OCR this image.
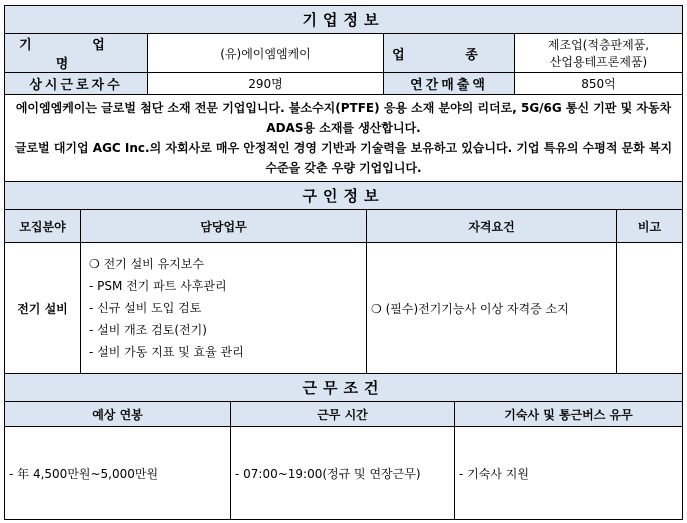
기업정보			
기 업 명	(유)에이엠엠케이	업 종	제조업(적층판제품,
산업용테프론제품)

상시근로자수	290명	연간매출액	850억

에이엠엠케이는 글로벌 첨단 소재 전문 기업입니다. 불소수지(PTFE) 응용 소재 분야의 리더로, 5G/6G 통신 기판 및 자동차 ADAS용 소재를 생산합니다.

글로벌 대기업 AGC Inc.의 자회사로 매우 안정적인 경영 기반과 기술력을 보유하고 있습니다. 기업 특유의 수평적 문화 복지 수준을 갖춘 우량 기업입니다.			

구인정보			
모집분야	담당업무	자격요건	비고
전기 설비	❍ 전기 설비 유지보수
- PSM 전기 파트 사후관리
- 신규 설비 도입 검토
- 설비 개조 검토(전기)
- 설비 가동 지표 및 효율 관리	❍ (필수)전기기능사 이상 자격증 소지	
근무조건		
예상 연봉	근무 시간	기숙사 및 통근버스 유무
- 年 4,500만원~5,000만원	- 07:00~19:00(정규 및 연장근무)	- 기숙사 지원
